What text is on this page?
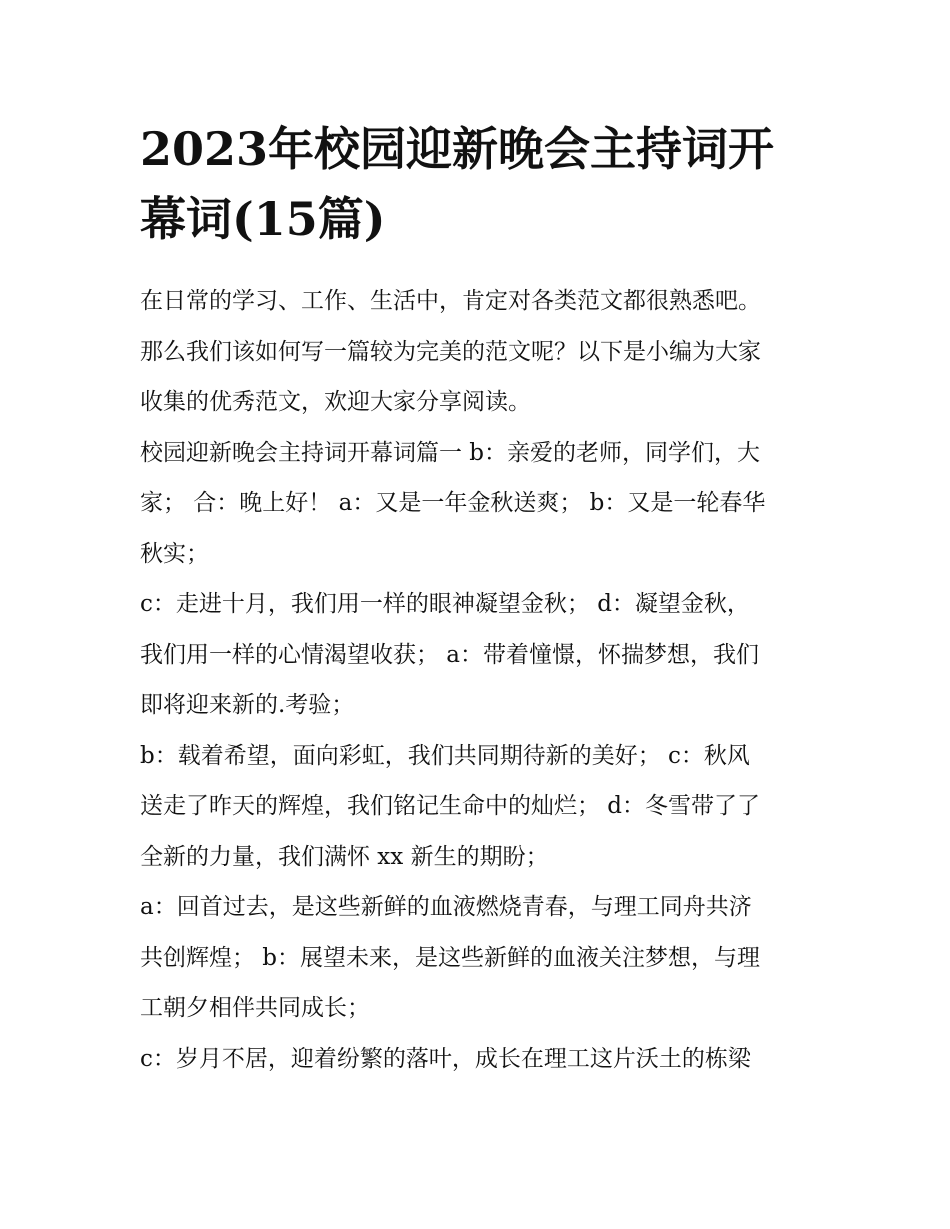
2023年校园迎新晚会主持词开
幕词(15篇)
在日常的学习、工作、生活中，肯定对各类范文都很熟悉吧。
那么我们该如何写一篇较为完美的范文呢？以下是小编为大家
收集的优秀范文，欢迎大家分享阅读。
校园迎新晚会主持词开幕词篇一 b：亲爱的老师，同学们，大
家； 合：晚上好！ a：又是一年金秋送爽； b：又是一轮春华
秋实；
c：走进十月，我们用一样的眼神凝望金秋； d：凝望金秋，
我们用一样的心情渴望收获； a：带着憧憬，怀揣梦想，我们
即将迎来新的.考验；
b：载着希望，面向彩虹，我们共同期待新的美好； c：秋风
送走了昨天的辉煌，我们铭记生命中的灿烂； d：冬雪带了了
全新的力量，我们满怀 xx 新生的期盼；
a：回首过去，是这些新鲜的血液燃烧青春，与理工同舟共济
共创辉煌； b：展望未来，是这些新鲜的血液关注梦想，与理
工朝夕相伴共同成长；
c：岁月不居，迎着纷繁的落叶，成长在理工这片沃土的栋梁
